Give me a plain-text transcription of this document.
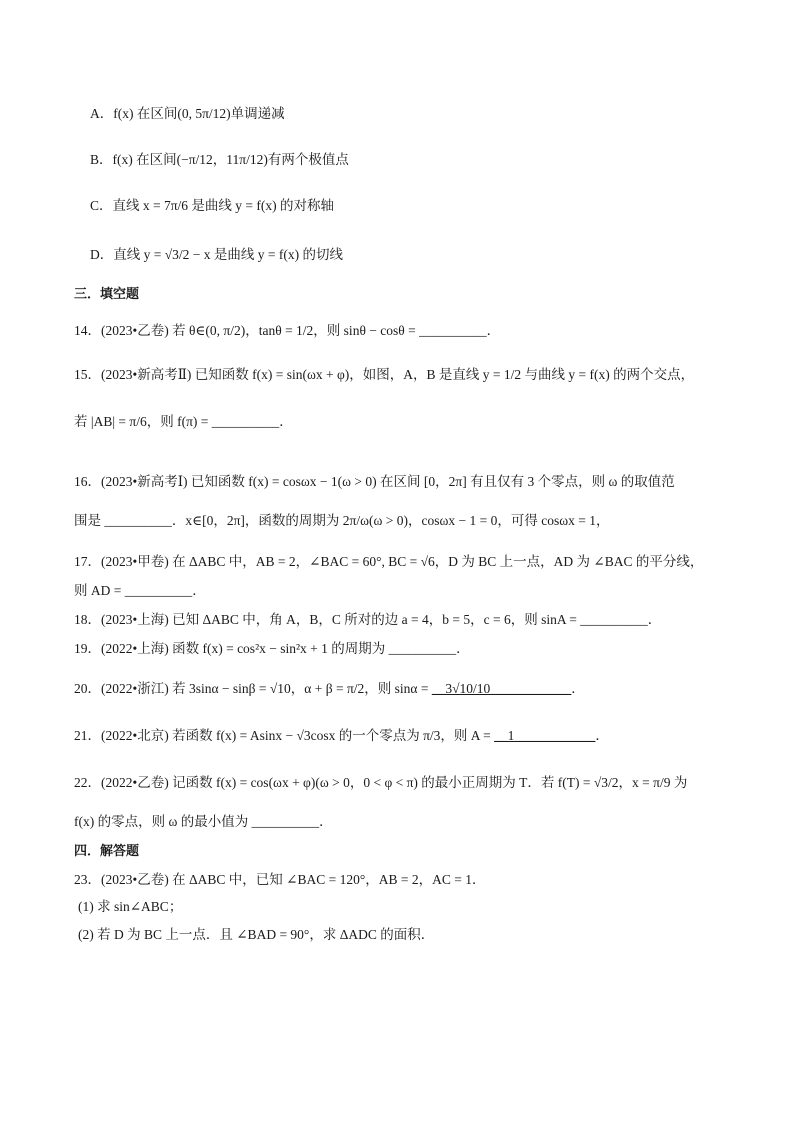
A．f(x) 在区间(0, 5π/12)单调递减
B．f(x) 在区间(−π/12，11π/12)有两个极值点
C．直线 x = 7π/6 是曲线 y = f(x) 的对称轴
D．直线 y = √3/2 − x 是曲线 y = f(x) 的切线
三．填空题
14．(2023•乙卷) 若 θ∈(0, π/2)，tanθ = 1/2，则 sinθ − cosθ = __________．
15．(2023•新高考Ⅱ) 已知函数 f(x) = sin(ωx + φ)，如图，A，B 是直线 y = 1/2 与曲线 y = f(x) 的两个交点，
若 |AB| = π/6，则 f(π) = __________．
16．(2023•新高考Ⅰ) 已知函数 f(x) = cosωx − 1(ω > 0) 在区间 [0，2π] 有且仅有 3 个零点，则 ω 的取值范
围是 __________．x∈[0，2π]，函数的周期为 2π/ω(ω > 0)，cosωx − 1 = 0，可得 cosωx = 1，
17．(2023•甲卷) 在 ΔABC 中，AB = 2，∠BAC = 60°, BC = √6，D 为 BC 上一点，AD 为 ∠BAC 的平分线，
则 AD = __________．
18．(2023•上海) 已知 ΔABC 中，角 A，B，C 所对的边 a = 4，b = 5，c = 6，则 sinA = __________．
19．(2022•上海) 函数 f(x) = cos²x − sin²x + 1 的周期为 __________．
20．(2022•浙江) 若 3sinα − sinβ = √10，α + β = π/2，则 sinα = __3√10/10____________．
21．(2022•北京) 若函数 f(x) = Asinx − √3cosx 的一个零点为 π/3，则 A = __1____________．
22．(2022•乙卷) 记函数 f(x) = cos(ωx + φ)(ω > 0，0 < φ < π) 的最小正周期为 T．若 f(T) = √3/2，x = π/9 为
f(x) 的零点，则 ω 的最小值为 __________．
四．解答题
23．(2023•乙卷) 在 ΔABC 中，已知 ∠BAC = 120°，AB = 2，AC = 1．
(1) 求 sin∠ABC；
(2) 若 D 为 BC 上一点．且 ∠BAD = 90°，求 ΔADC 的面积．
